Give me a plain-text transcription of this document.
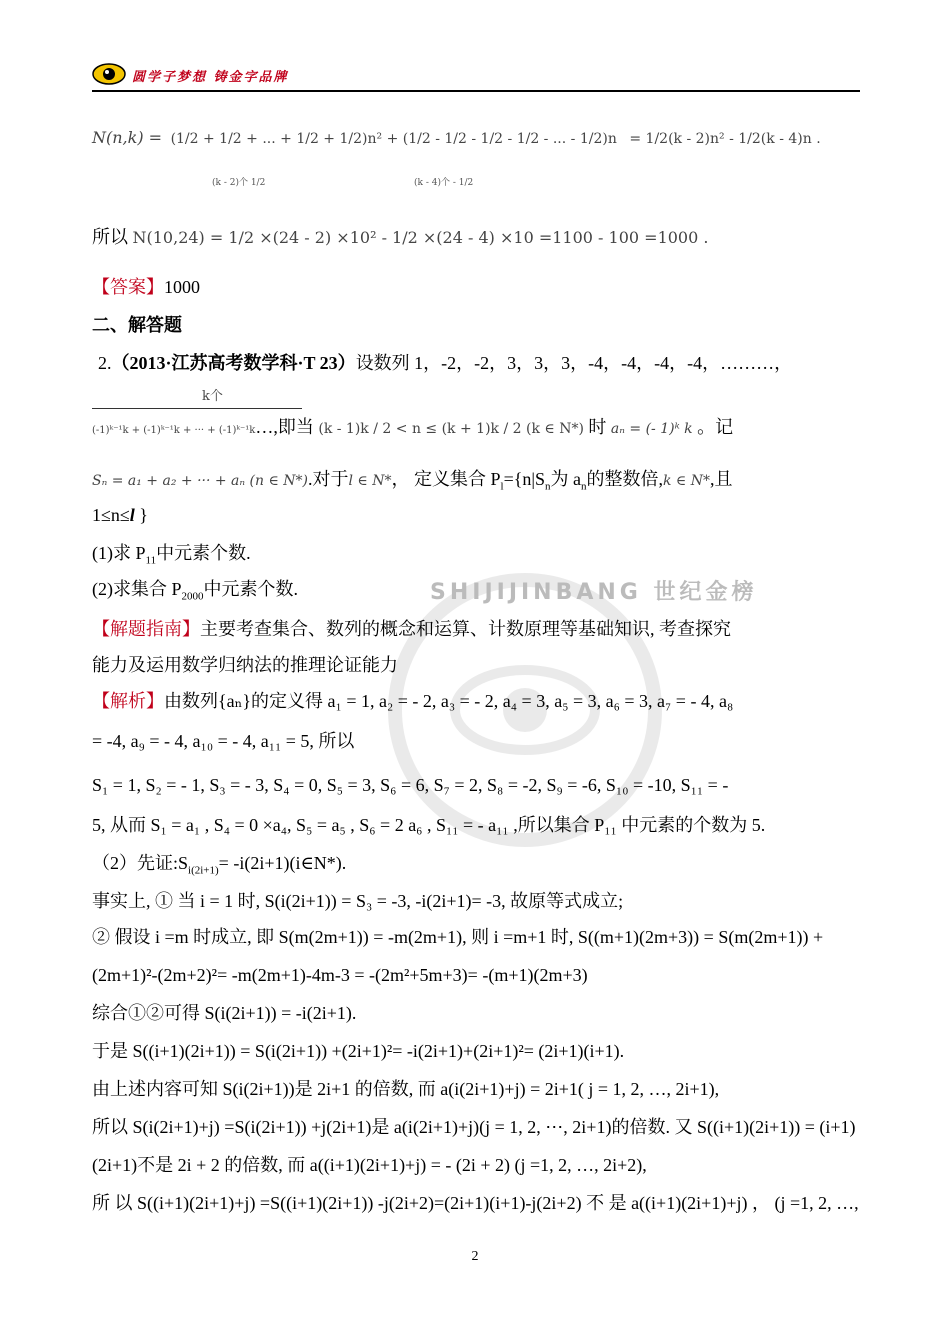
圆学子梦想 铸金字品牌
SHIJIJINBANG 世纪金榜
N(n,k) = (1/2 + 1/2 + ... + 1/2 + 1/2)n² + (1/2 - 1/2 - 1/2 - 1/2 - ... - 1/2)n = 1/2(k - 2)n² - 1/2(k - 4)n .
(k - 2)个 1/2	(k - 4)个 - 1/2
所以 N(10,24) = 1/2 ×(24 - 2) ×10² - 1/2 ×(24 - 4) ×10 =1100 - 100 =1000 .
【答案】1000
二、解答题
2.（2013·江苏高考数学科·T 23）设数列 1，-2，-2，3，3，3，-4，-4，-4，-4，………，
k个
(-1)ᵏ⁻¹k + (-1)ᵏ⁻¹k + ··· + (-1)ᵏ⁻¹k…,即当 (k - 1)k / 2 < n ≤ (k + 1)k / 2 (k ∈ N*) 时 aₙ = (- 1)ᵏ k 。记
Sₙ = a₁ + a₂ + ··· + aₙ (n ∈ N*).对于l ∈ N*， 定义集合 $P_l=\{n|S_n$为 $a_n$的整数倍,k ∈ N*,且
1≤n≤l }
(1)求 $P_{11}$中元素个数.
(2)求集合 $P_{2000}$中元素个数.
【解题指南】主要考查集合、数列的概念和运算、计数原理等基础知识, 考查探究
能力及运用数学归纳法的推理论证能力
【解析】由数列{aₙ}的定义得 a₁ = 1, a₂ = - 2, a₃ = - 2, a₄ = 3, a₅ = 3, a₆ = 3, a₇ = - 4, a₈
= -4, a₉ = - 4, a₁₀ = - 4, a₁₁ = 5, 所以
S₁ = 1, S₂ = - 1, S₃ = - 3, S₄ = 0, S₅ = 3, S₆ = 6, S₇ = 2, S₈ = -2, S₉ = -6, S₁₀ = -10, S₁₁ = -
5, 从而 S₁ = a₁ , S₄ = 0 ×a₄, S₅ = a₅ , S₆ = 2 a₆ , S₁₁ = - a₁₁ ,所以集合 P₁₁ 中元素的个数为 5.
（2）先证$:S_{i(2i+1)}=$ -i(2i+1)(i∈N*).
事实上, ① 当 i = 1 时, S(i(2i+1)) = S₃ = -3, -i(2i+1)= -3, 故原等式成立;
② 假设 i =m 时成立, 即 S(m(2m+1)) = -m(2m+1), 则 i =m+1 时, S((m+1)(2m+3)) = S(m(2m+1)) +
(2m+1)²-(2m+2)²= -m(2m+1)-4m-3 = -(2m²+5m+3)= -(m+1)(2m+3)
综合①②可得 S(i(2i+1)) = -i(2i+1).
于是 S((i+1)(2i+1)) = S(i(2i+1)) +(2i+1)²= -i(2i+1)+(2i+1)²= (2i+1)(i+1).
由上述内容可知 S(i(2i+1))是 2i+1 的倍数, 而 a(i(2i+1)+j) = 2i+1( j = 1, 2, …, 2i+1),
所以 S(i(2i+1)+j) =S(i(2i+1)) +j(2i+1)是 a(i(2i+1)+j)(j = 1, 2, ⋯, 2i+1)的倍数. 又 S((i+1)(2i+1)) = (i+1)
(2i+1)不是 2i + 2 的倍数, 而 a((i+1)(2i+1)+j) = - (2i + 2) (j =1, 2, …, 2i+2),
所 以 S((i+1)(2i+1)+j) =S((i+1)(2i+1)) -j(2i+2)=(2i+1)(i+1)-j(2i+2) 不 是 a((i+1)(2i+1)+j) ， (j =1, 2, …,
2
